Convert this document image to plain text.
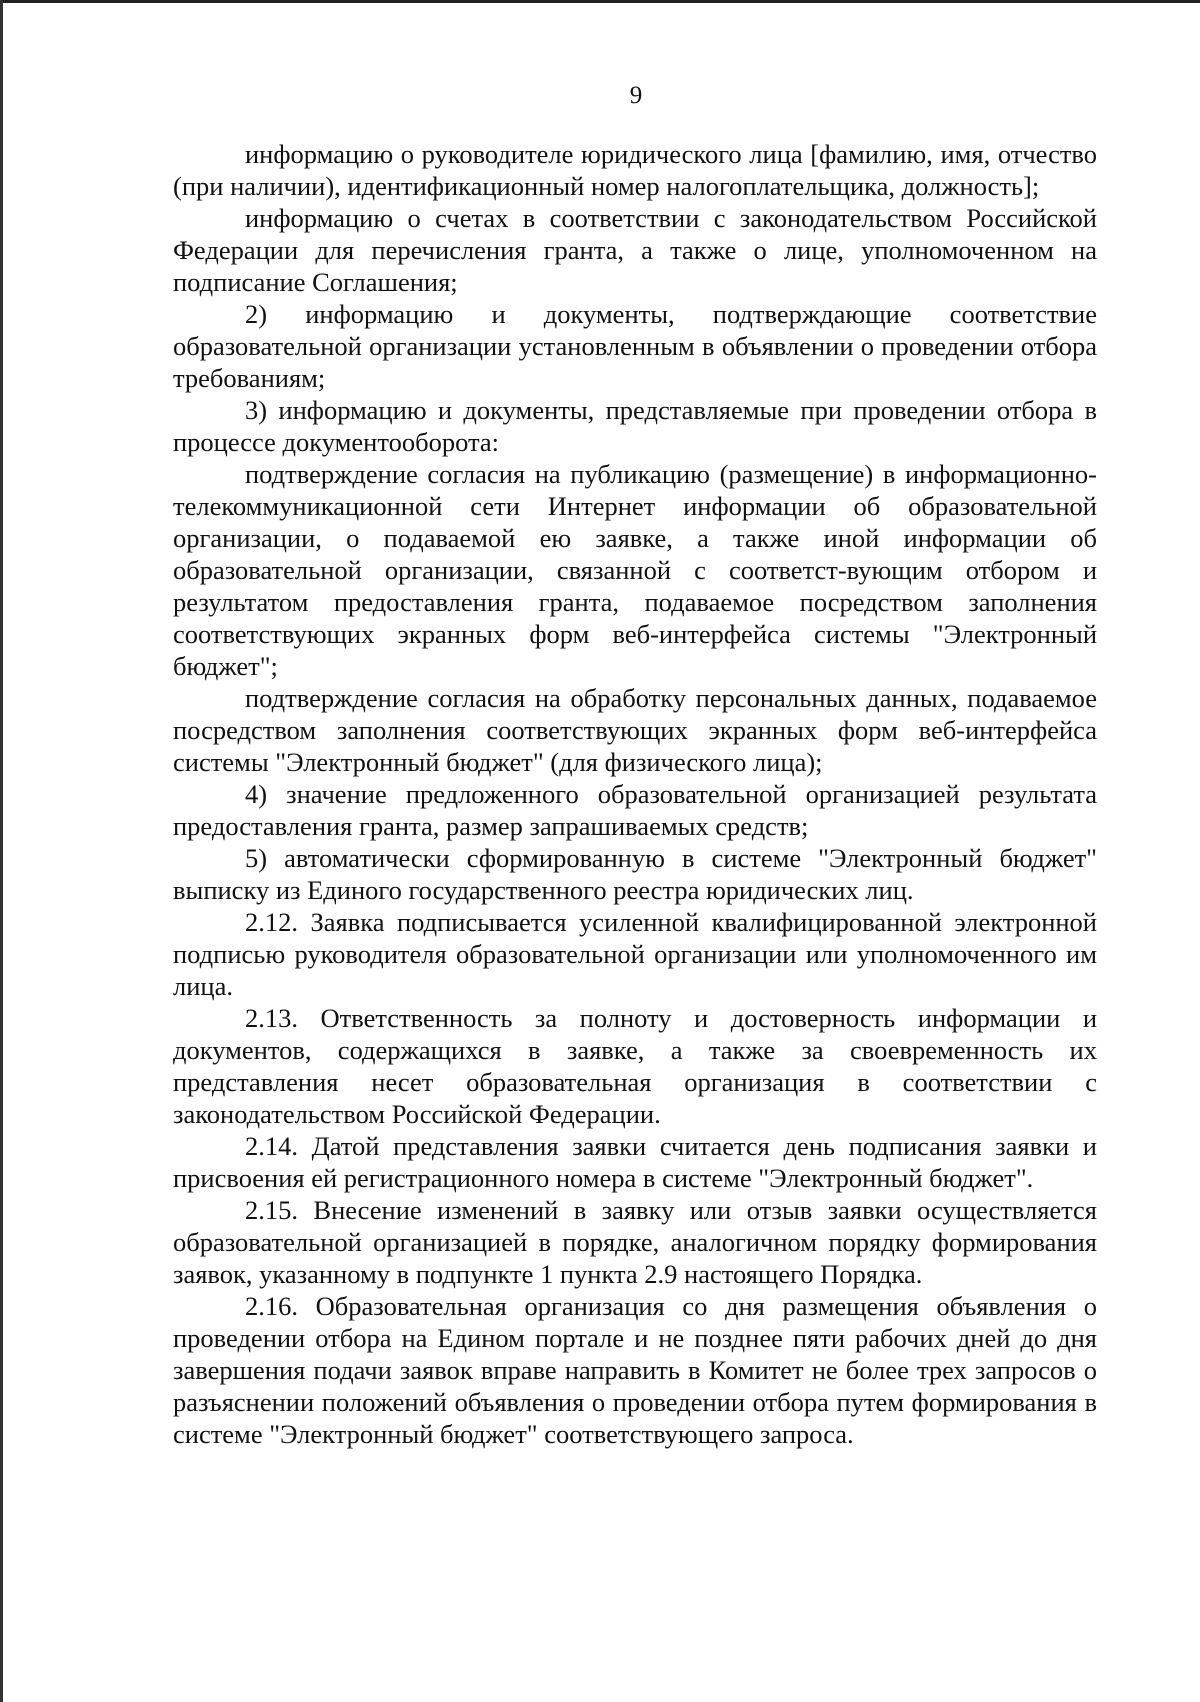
9

информацию о руководителе юридического лица [фамилию, имя, отчество (при наличии), идентификационный номер налогоплательщика, должность];

информацию о счетах в соответствии с законодательством Российской Федерации для перечисления гранта, а также о лице, уполномоченном на подписание Соглашения;

2) информацию и документы, подтверждающие соответствие образовательной организации установленным в объявлении о проведении отбора требованиям;

3) информацию и документы, представляемые при проведении отбора в процессе документооборота:

подтверждение согласия на публикацию (размещение) в информационно-телекоммуникационной сети Интернет информации об образовательной организации, о подаваемой ею заявке, а также иной информации об образовательной организации, связанной с соответст-вующим отбором и результатом предоставления гранта, подаваемое посредством заполнения соответствующих экранных форм веб-интерфейса системы "Электронный бюджет";

подтверждение согласия на обработку персональных данных, подаваемое посредством заполнения соответствующих экранных форм веб-интерфейса системы "Электронный бюджет" (для физического лица);

4) значение предложенного образовательной организацией результата предоставления гранта, размер запрашиваемых средств;

5) автоматически сформированную в системе "Электронный бюджет" выписку из Единого государственного реестра юридических лиц.

2.12. Заявка подписывается усиленной квалифицированной электронной подписью руководителя образовательной организации или уполномоченного им лица.

2.13. Ответственность за полноту и достоверность информации и документов, содержащихся в заявке, а также за своевременность их представления несет образовательная организация в соответствии с законодательством Российской Федерации.

2.14. Датой представления заявки считается день подписания заявки и присвоения ей регистрационного номера в системе "Электронный бюджет".

2.15. Внесение изменений в заявку или отзыв заявки осуществляется образовательной организацией в порядке, аналогичном порядку формирования заявок, указанному в подпункте 1 пункта 2.9 настоящего Порядка.

2.16. Образовательная организация со дня размещения объявления о проведении отбора на Едином портале и не позднее пяти рабочих дней до дня завершения подачи заявок вправе направить в Комитет не более трех запросов о разъяснении положений объявления о проведении отбора путем формирования в системе "Электронный бюджет" соответствующего запроса.
